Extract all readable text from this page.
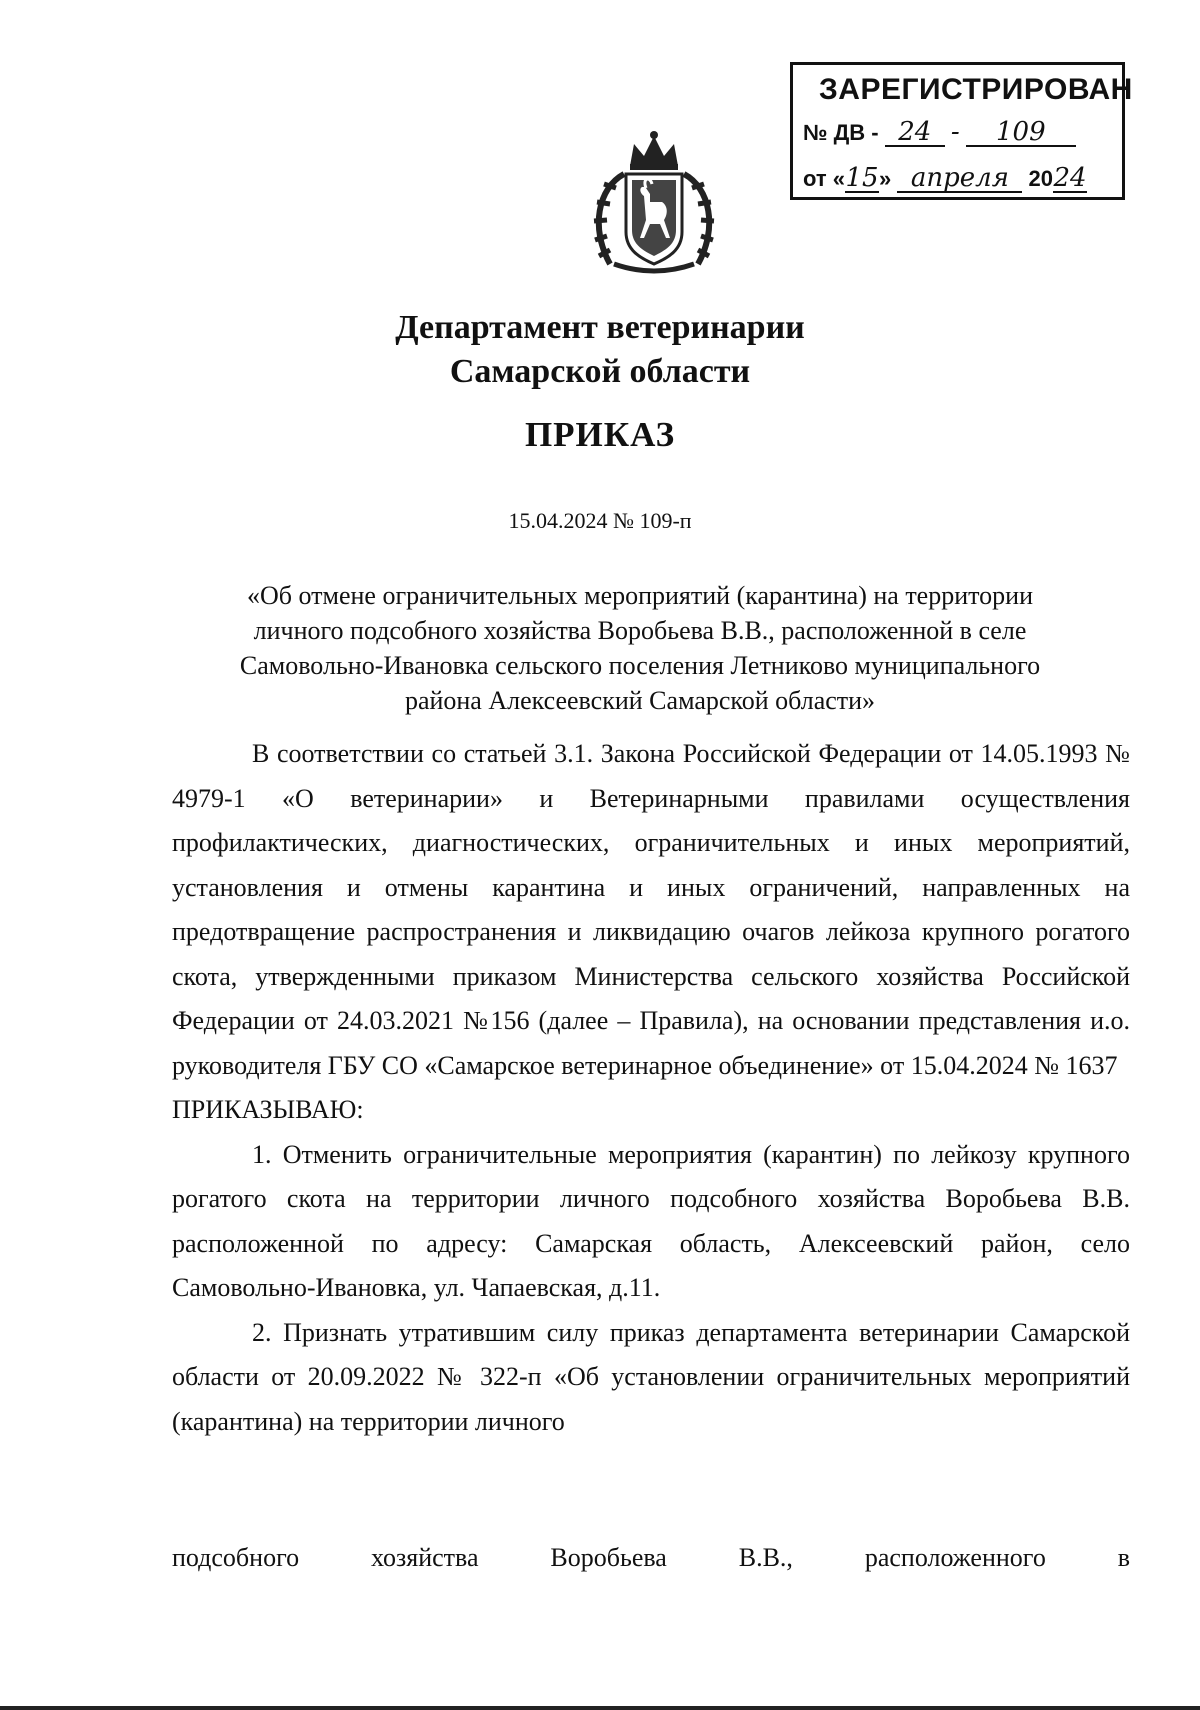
ЗАРЕГИСТРИРОВАН
№ ДВ - 24 - 109
от «15» апреля 2024
Департамент ветеринарии
Самарской области
ПРИКАЗ
15.04.2024 № 109-п
«Об отмене ограничительных мероприятий (карантина) на территории
личного подсобного хозяйства Воробьева В.В., расположенной в селе
Самовольно-Ивановка сельского поселения Летниково муниципального
района Алексеевский Самарской области»

В соответствии со статьей 3.1. Закона Российской Федерации от 14.05.1993 № 4979-1 «О ветеринарии» и Ветеринарными правилами осуществления профилактических, диагностических, ограничительных и иных мероприятий, установления и отмены карантина и иных ограничений, направленных на предотвращение распространения и ликвидацию очагов лейкоза крупного рогатого скота, утвержденными приказом Министерства сельского хозяйства Российской Федерации от 24.03.2021 №156 (далее – Правила), на основании представления и.о. руководителя ГБУ СО «Самарское ветеринарное объединение» от 15.04.2024 № 1637

ПРИКАЗЫВАЮ:

1. Отменить ограничительные мероприятия (карантин) по лейкозу крупного рогатого скота на территории личного подсобного хозяйства Воробьева В.В. расположенной по адресу: Самарская область, Алексеевский район, село Самовольно-Ивановка, ул. Чапаевская, д.11.

2. Признать утратившим силу приказ департамента ветеринарии Самарской области от 20.09.2022 № 322-п «Об установлении ограничительных мероприятий (карантина) на территории личного

подсобного	хозяйства	Воробьева	В.В.,	расположенного	в
